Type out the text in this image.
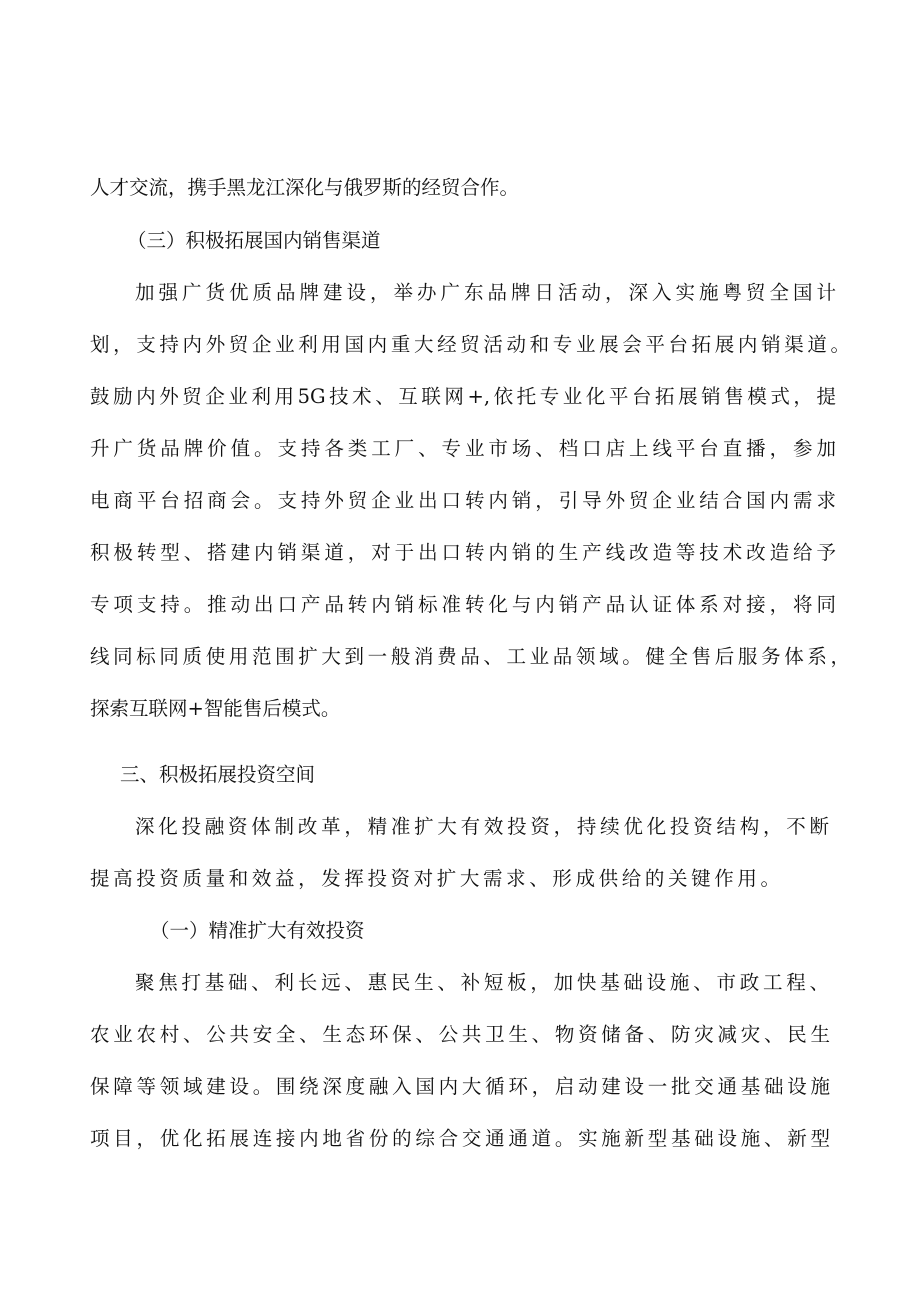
人才交流，携手黑龙江深化与俄罗斯的经贸合作。
（三）积极拓展国内销售渠道
加强广货优质品牌建设，举办广东品牌日活动，深入实施粤贸全国计
划，支持内外贸企业利用国内重大经贸活动和专业展会平台拓展内销渠道。
鼓励内外贸企业利用5G技术、互联网+,依托专业化平台拓展销售模式，提
升广货品牌价值。支持各类工厂、专业市场、档口店上线平台直播，参加
电商平台招商会。支持外贸企业出口转内销，引导外贸企业结合国内需求
积极转型、搭建内销渠道，对于出口转内销的生产线改造等技术改造给予
专项支持。推动出口产品转内销标准转化与内销产品认证体系对接，将同
线同标同质使用范围扩大到一般消费品、工业品领域。健全售后服务体系，
探索互联网+智能售后模式。
三、积极拓展投资空间
深化投融资体制改革，精准扩大有效投资，持续优化投资结构，不断
提高投资质量和效益，发挥投资对扩大需求、形成供给的关键作用。
（一）精准扩大有效投资
聚焦打基础、利长远、惠民生、补短板，加快基础设施、市政工程、
农业农村、公共安全、生态环保、公共卫生、物资储备、防灾减灾、民生
保障等领域建设。围绕深度融入国内大循环，启动建设一批交通基础设施
项目，优化拓展连接内地省份的综合交通通道。实施新型基础设施、新型
